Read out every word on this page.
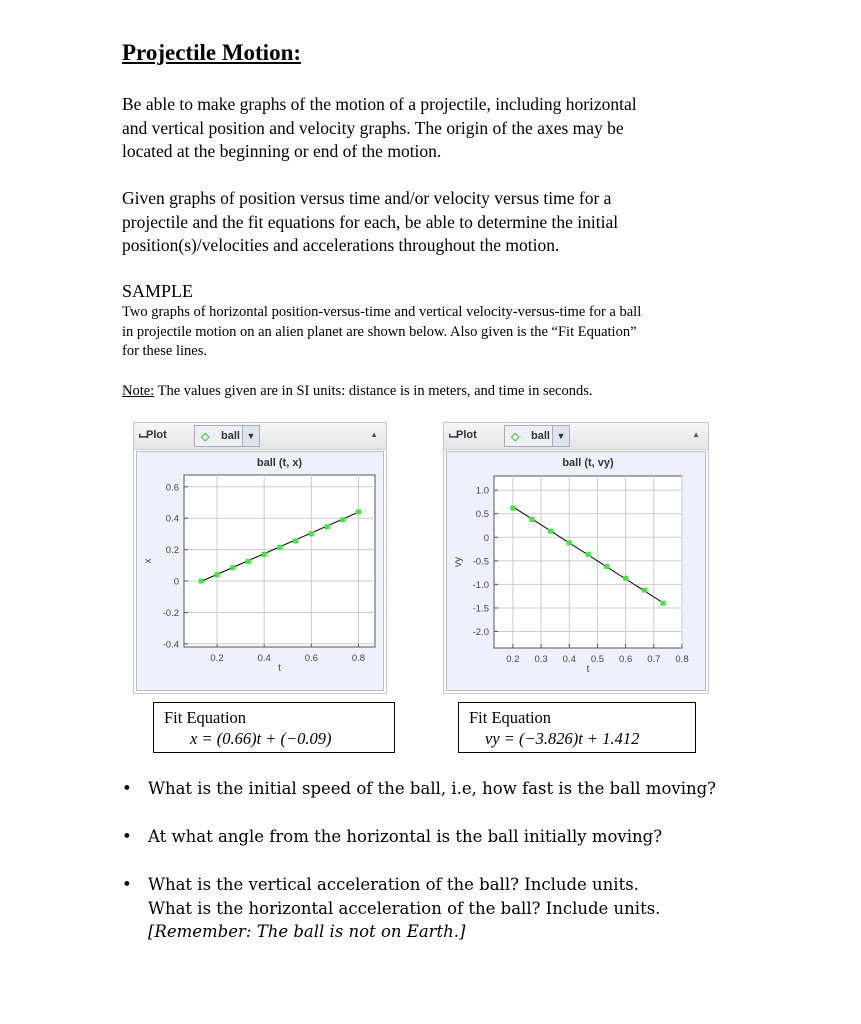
Projectile Motion:
Be able to make graphs of the motion of a projectile, including horizontal
and vertical position and velocity graphs. The origin of the axes may be
located at the beginning or end of the motion.
Given graphs of position versus time and/or velocity versus time for a
projectile and the fit equations for each, be able to determine the initial
position(s)/velocities and accelerations throughout the motion.
SAMPLE
Two graphs of horizontal position-versus-time and vertical velocity-versus-time for a ball
in projectile motion on an alien planet are shown below. Also given is the “Fit Equation”
for these lines.
Note: The values given are in SI units: distance is in meters, and time in seconds.
⌙
Plot	◇ ball ▼	▲
ball (t, x)
0.2	0.4	0.6	0.8
0.6
0.4
0.2
0
-0.2
-0.4
t
x
⌙
Plot	◇ ball ▼	▲
ball (t, vy)
0.2 0.3 0.4 0.5 0.6 0.7 0.8
1.0
0.5
0
-0.5
-1.0
-1.5
-2.0
t
vy
Fit Equation
x = (0.66)t + (−0.09)
Fit Equation
vy = (−3.826)t + 1.412
• What is the initial speed of the ball, i.e, how fast is the ball moving?
• At what angle from the horizontal is the ball initially moving?
• What is the vertical acceleration of the ball? Include units.
What is the horizontal acceleration of the ball? Include units.
[Remember: The ball is not on Earth.]
